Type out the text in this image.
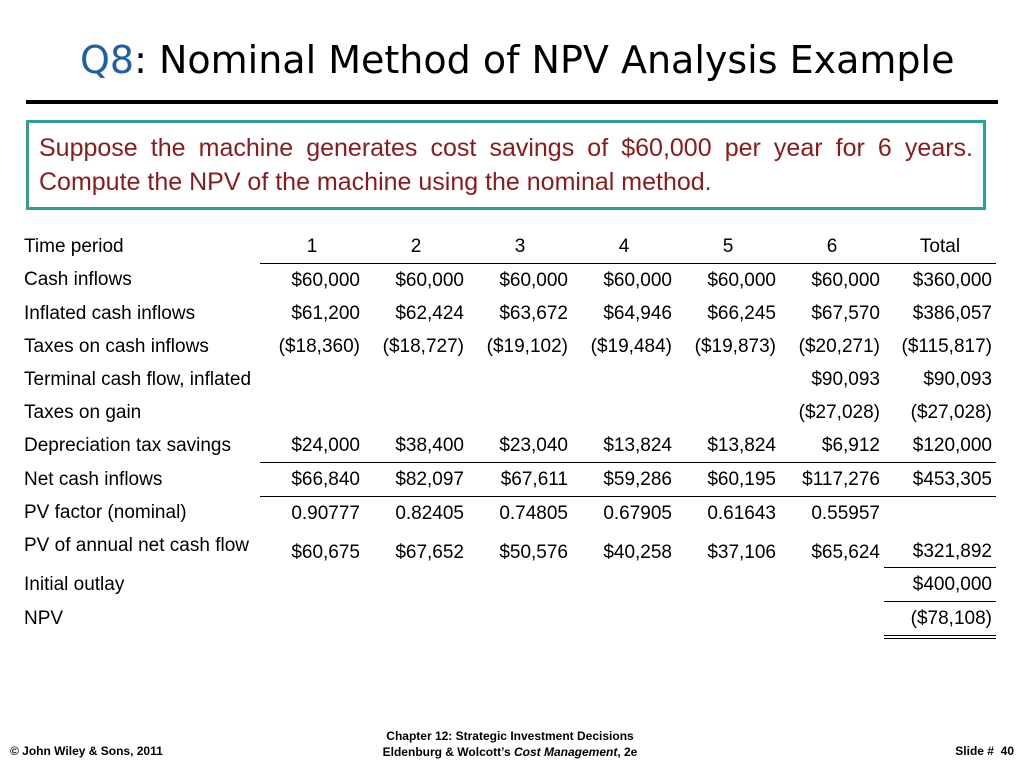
Q8: Nominal Method of NPV Analysis Example
Suppose the machine generates cost savings of $60,000 per year for 6 years. Compute the NPV of the machine using the nominal method.
Time period	1	2	3	4	5	6	Total
Cash inflows	$60,000	$60,000	$60,000	$60,000	$60,000	$60,000	$360,000
Inflated cash inflows	$61,200	$62,424	$63,672	$64,946	$66,245	$67,570	$386,057
Taxes on cash inflows	($18,360)	($18,727)	($19,102)	($19,484)	($19,873)	($20,271)	($115,817)
Terminal cash flow, inflated						$90,093	$90,093
Taxes on gain						($27,028)	($27,028)
Depreciation tax savings	$24,000	$38,400	$23,040	$13,824	$13,824	$6,912	$120,000
Net cash inflows	$66,840	$82,097	$67,611	$59,286	$60,195	$117,276	$453,305
PV factor (nominal)	0.90777	0.82405	0.74805	0.67905	0.61643	0.55957	
PV of annual net cash flow	$60,675	$67,652	$50,576	$40,258	$37,106	$65,624	$321,892
Initial outlay							$400,000
NPV							($78,108)
© John Wiley & Sons, 2011
Chapter 12: Strategic Investment Decisions
Eldenburg & Wolcott’s Cost Management, 2e	Slide # 40
